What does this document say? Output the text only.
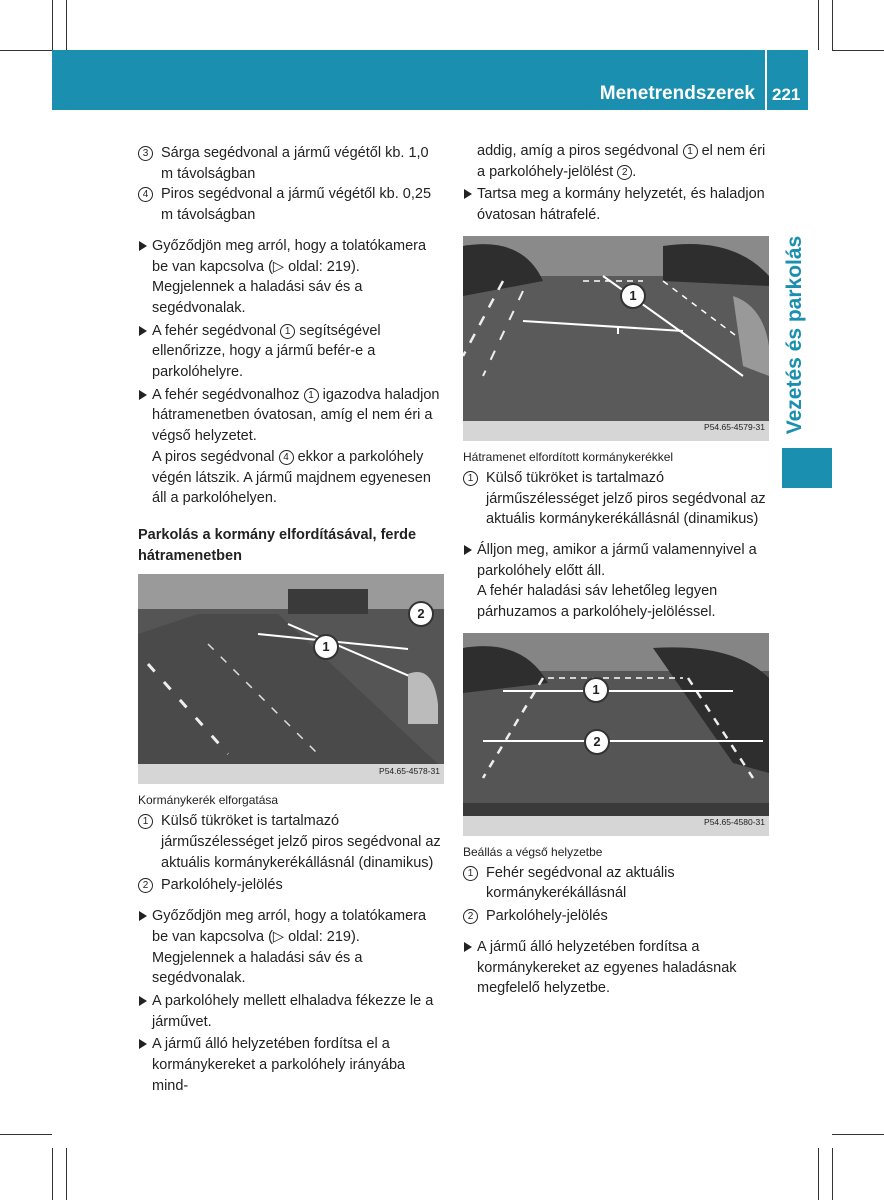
Menetrendszerek 221
Vezetés és parkolás
3 Sárga segédvonal a jármű végétől kb. 1,0 m távolságban
4 Piros segédvonal a jármű végétől kb. 0,25 m távolságban

Győződjön meg arról, hogy a tolatókamera be van kapcsolva (▷ oldal: 219).

Megjelennek a haladási sáv és a segédvonalak.

A fehér segédvonal 1 segítségével ellenőrizze, hogy a jármű befér-e a parkolóhelyre.

A fehér segédvonalhoz 1 igazodva haladjon hátramenetben óvatosan, amíg el nem éri a végső helyzetet.

A piros segédvonal 4 ekkor a parkolóhely végén látszik. A jármű majdnem egyenesen áll a parkolóhelyen.

Parkolás a kormány elfordításával, ferde hátramenetben
1
2
P54.65-4578-31
Kormánykerék elforgatása
1 Külső tükröket is tartalmazó járműszélességet jelző piros segédvonal az aktuális kormánykerékállásnál (dinamikus)
2 Parkolóhely-jelölés

Győződjön meg arról, hogy a tolatókamera be van kapcsolva (▷ oldal: 219).

Megjelennek a haladási sáv és a segédvonalak.

A parkolóhely mellett elhaladva fékezze le a járművet.

A jármű álló helyzetében fordítsa el a kormánykereket a parkolóhely irányába mind-

addig, amíg a piros segédvonal 1 el nem éri a parkolóhely-jelölést 2 .

Tartsa meg a kormány helyzetét, és haladjon óvatosan hátrafelé.

1
P54.65-4579-31
Hátramenet elfordított kormánykerékkel
1 Külső tükröket is tartalmazó járműszélességet jelző piros segédvonal az aktuális kormánykerékállásnál (dinamikus)

Álljon meg, amikor a jármű valamennyivel a parkolóhely előtt áll.

A fehér haladási sáv lehetőleg legyen párhuzamos a parkolóhely-jelöléssel.

1
2
P54.65-4580-31
Beállás a végső helyzetbe
1 Fehér segédvonal az aktuális kormánykerékállásnál
2 Parkolóhely-jelölés

A jármű álló helyzetében fordítsa a kormánykereket az egyenes haladásnak megfelelő helyzetbe.
